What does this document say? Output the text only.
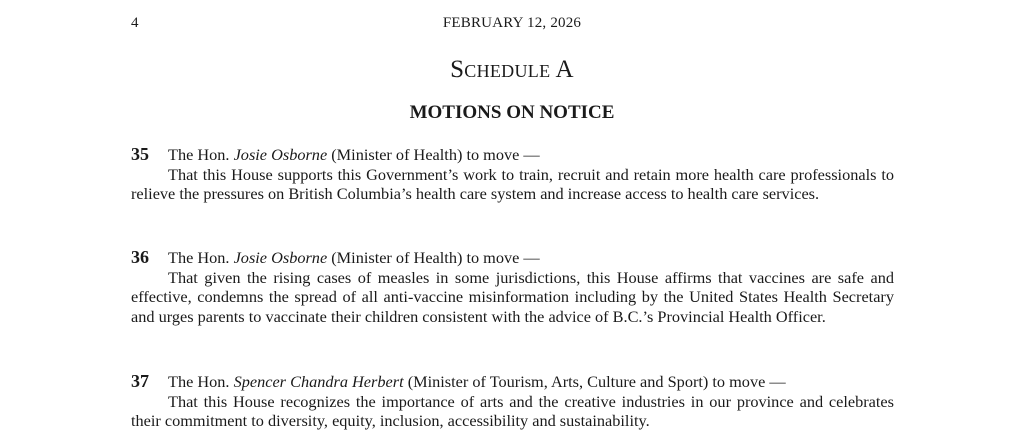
4	FEBRUARY 12, 2026
Schedule A
MOTIONS ON NOTICE
35 The Hon. Josie Osborne (Minister of Health) to move —

That this House supports this Government’s work to train, recruit and retain more health care professionals to relieve the pressures on British Columbia’s health care system and increase access to health care services.

36 The Hon. Josie Osborne (Minister of Health) to move —

That given the rising cases of measles in some jurisdictions, this House affirms that vaccines are safe and effective, condemns the spread of all anti-vaccine misinformation including by the United States Health Secretary and urges parents to vaccinate their children consistent with the advice of B.C.’s Provincial Health Officer.

37 The Hon. Spencer Chandra Herbert (Minister of Tourism, Arts, Culture and Sport) to move —

That this House recognizes the importance of arts and the creative industries in our province and celebrates their commitment to diversity, equity, inclusion, accessibility and sustainability.
